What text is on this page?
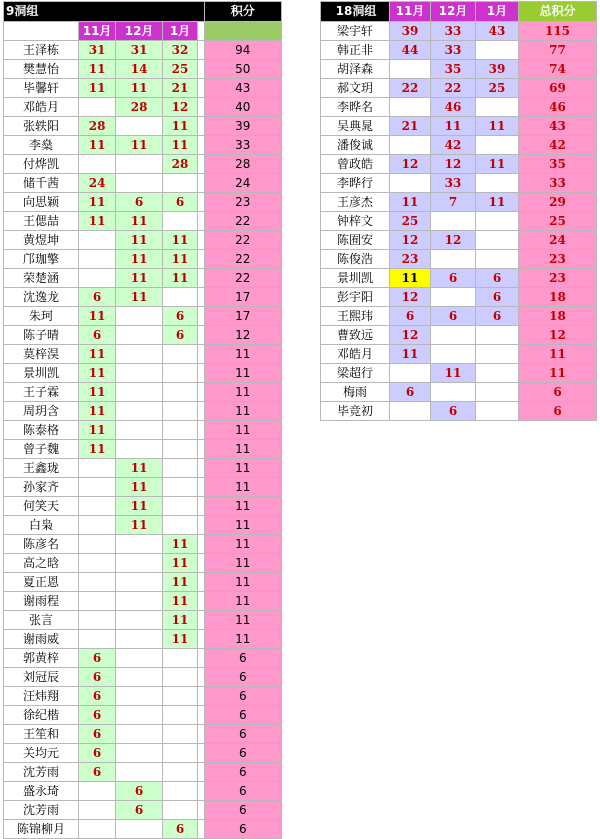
9洞组					积分
	11月	12月	1月		
王泽栋	31	31	32		94
樊慧怡	11	14	25		50
毕馨轩	11	11	21		43
邓皓月		28	12		40
张轶阳	28		11		39
李燊	11	11	11		33
付烨凯			28		28
储千茜	24				24
向思颖	11	6	6		23
王偲喆	11	11			22
黄煜坤		11	11		22
邝珈擎		11	11		22
荣楚涵		11	11		22
沈逸龙	6	11			17
朱珂	11		6		17
陈子晴	6		6		12
莫梓淏	11				11
景圳凯	11				11
王子霖	11				11
周玥含	11				11
陈泰格	11				11
曾子魏	11				11
王鑫珑		11			11
孙家齐		11			11
何笑天		11			11
白枭		11			11
陈彦名			11		11
高之晗			11		11
夏正恩			11		11
谢雨程			11		11
张言			11		11
谢雨威			11		11
郭黄梓	6				6
刘冠辰	6				6
汪炜翔	6				6
徐纪楷	6				6
王笙和	6				6
关均元	6				6
沈芳雨	6				6
盛永琦		6			6
沈芳雨		6			6
陈锦柳月			6		6
18洞组	11月	12月	1月	总积分
梁宇轩	39	33	43	115
韩正非	44	33		77
胡泽森		35	39	74
郝文玥	22	22	25	69
李晔名		46		46
吴典晁	21	11	11	43
潘俊诚		42		42
曾政皓	12	12	11	35
李晔行		33		33
王彦杰	11	7	11	29
钟梓文	25			25
陈囿安	12	12		24
陈俊浩	23			23
景圳凯	11	6	6	23
彭宇阳	12		6	18
王熙玮	6	6	6	18
曹致远	12			12
邓皓月	11			11
梁超行		11		11
梅雨	6			6
毕竞初		6		6
